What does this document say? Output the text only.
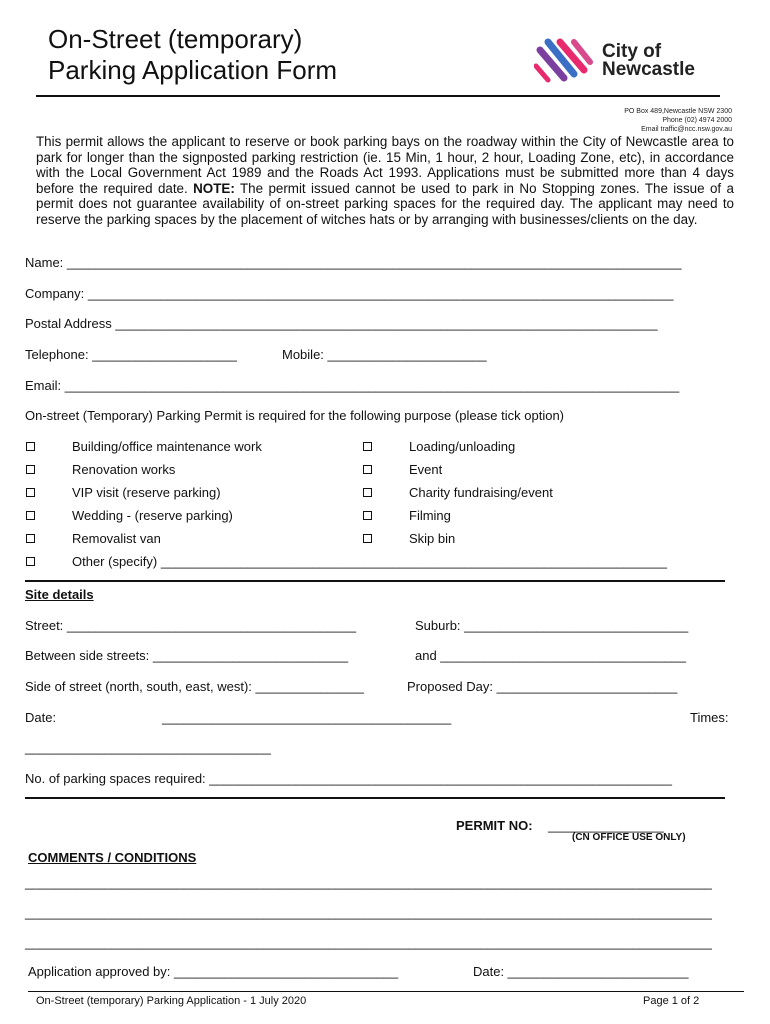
On-Street (temporary)
Parking Application Form
City of
Newcastle
PO Box 489,Newcastle NSW 2300
Phone (02) 4974 2000
Email traffic@ncc.nsw.gov.au
This permit allows the applicant to reserve or book parking bays on the roadway within the City of Newcastle area to park for longer than the signposted parking restriction (ie. 15 Min, 1 hour, 2 hour, Loading Zone, etc), in accordance with the Local Government Act 1989 and the Roads Act 1993. Applications must be submitted more than 4 days before the required date. NOTE: The permit issued cannot be used to park in No Stopping zones. The issue of a permit does not guarantee availability of on-street parking spaces for the required day. The applicant may need to reserve the parking spaces by the placement of witches hats or by arranging with businesses/clients on the day.
Name: _____________________________________________________________________________________
Company: _________________________________________________________________________________
Postal Address ___________________________________________________________________________
Telephone: ____________________	Mobile: ______________________
Email: _____________________________________________________________________________________
On-street (Temporary) Parking Permit is required for the following purpose (please tick option)
Building/office maintenance work
Renovation works
VIP visit (reserve parking)
Wedding - (reserve parking)
Removalist van
Other (specify) ______________________________________________________________________
Loading/unloading
Event
Charity fundraising/event
Filming
Skip bin
Site details
Street: ________________________________________	Suburb: _______________________________
Between side streets: ___________________________	and __________________________________
Side of street (north, south, east, west): _______________	Proposed Day: _________________________
Date:	________________________________________	Times:
__________________________________
No. of parking spaces required: ________________________________________________________________
PERMIT NO: ________________
(CN OFFICE USE ONLY)
COMMENTS / CONDITIONS
_______________________________________________________________________________________________
_______________________________________________________________________________________________
_______________________________________________________________________________________________
Application approved by: _______________________________	Date: _________________________
On-Street (temporary) Parking Application - 1 July 2020	Page 1 of 2
